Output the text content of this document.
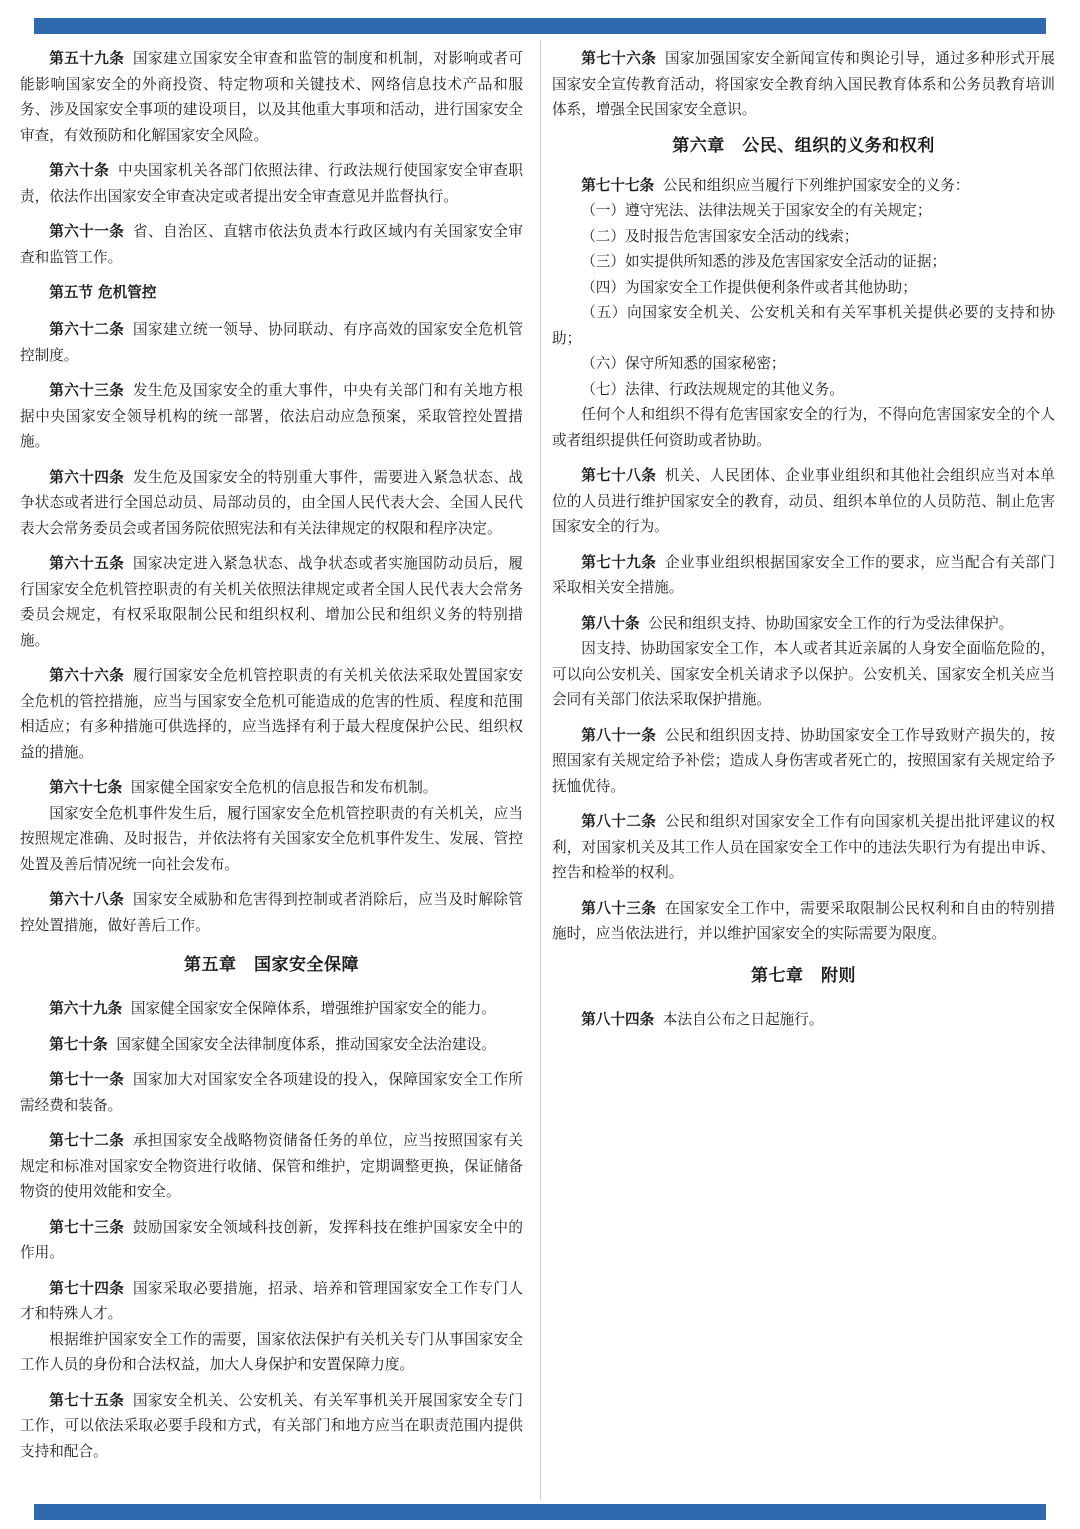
第五十九条 国家建立国家安全审查和监管的制度和机制，对影响或者可能影响国家安全的外商投资、特定物项和关键技术、网络信息技术产品和服务、涉及国家安全事项的建设项目，以及其他重大事项和活动，进行国家安全审查，有效预防和化解国家安全风险。

第六十条 中央国家机关各部门依照法律、行政法规行使国家安全审查职责，依法作出国家安全审查决定或者提出安全审查意见并监督执行。

第六十一条 省、自治区、直辖市依法负责本行政区域内有关国家安全审查和监管工作。

第五节 危机管控

第六十二条 国家建立统一领导、协同联动、有序高效的国家安全危机管控制度。

第六十三条 发生危及国家安全的重大事件，中央有关部门和有关地方根据中央国家安全领导机构的统一部署，依法启动应急预案，采取管控处置措施。

第六十四条 发生危及国家安全的特别重大事件，需要进入紧急状态、战争状态或者进行全国总动员、局部动员的，由全国人民代表大会、全国人民代表大会常务委员会或者国务院依照宪法和有关法律规定的权限和程序决定。

第六十五条 国家决定进入紧急状态、战争状态或者实施国防动员后，履行国家安全危机管控职责的有关机关依照法律规定或者全国人民代表大会常务委员会规定，有权采取限制公民和组织权利、增加公民和组织义务的特别措施。

第六十六条 履行国家安全危机管控职责的有关机关依法采取处置国家安全危机的管控措施，应当与国家安全危机可能造成的危害的性质、程度和范围相适应；有多种措施可供选择的，应当选择有利于最大程度保护公民、组织权益的措施。

第六十七条 国家健全国家安全危机的信息报告和发布机制。

国家安全危机事件发生后，履行国家安全危机管控职责的有关机关，应当按照规定准确、及时报告，并依法将有关国家安全危机事件发生、发展、管控处置及善后情况统一向社会发布。

第六十八条 国家安全威胁和危害得到控制或者消除后，应当及时解除管控处置措施，做好善后工作。

第五章　国家安全保障

第六十九条 国家健全国家安全保障体系，增强维护国家安全的能力。

第七十条 国家健全国家安全法律制度体系，推动国家安全法治建设。

第七十一条 国家加大对国家安全各项建设的投入，保障国家安全工作所需经费和装备。

第七十二条 承担国家安全战略物资储备任务的单位，应当按照国家有关规定和标准对国家安全物资进行收储、保管和维护，定期调整更换，保证储备物资的使用效能和安全。

第七十三条 鼓励国家安全领域科技创新，发挥科技在维护国家安全中的作用。

第七十四条 国家采取必要措施，招录、培养和管理国家安全工作专门人才和特殊人才。

根据维护国家安全工作的需要，国家依法保护有关机关专门从事国家安全工作人员的身份和合法权益，加大人身保护和安置保障力度。

第七十五条 国家安全机关、公安机关、有关军事机关开展国家安全专门工作，可以依法采取必要手段和方式，有关部门和地方应当在职责范围内提供支持和配合。

第七十六条 国家加强国家安全新闻宣传和舆论引导，通过多种形式开展国家安全宣传教育活动，将国家安全教育纳入国民教育体系和公务员教育培训体系，增强全民国家安全意识。

第六章　公民、组织的义务和权利

第七十七条 公民和组织应当履行下列维护国家安全的义务：

（一）遵守宪法、法律法规关于国家安全的有关规定；

（二）及时报告危害国家安全活动的线索；

（三）如实提供所知悉的涉及危害国家安全活动的证据；

（四）为国家安全工作提供便利条件或者其他协助；

（五）向国家安全机关、公安机关和有关军事机关提供必要的支持和协助；

（六）保守所知悉的国家秘密；

（七）法律、行政法规规定的其他义务。

任何个人和组织不得有危害国家安全的行为，不得向危害国家安全的个人或者组织提供任何资助或者协助。

第七十八条 机关、人民团体、企业事业组织和其他社会组织应当对本单位的人员进行维护国家安全的教育，动员、组织本单位的人员防范、制止危害国家安全的行为。

第七十九条 企业事业组织根据国家安全工作的要求，应当配合有关部门采取相关安全措施。

第八十条 公民和组织支持、协助国家安全工作的行为受法律保护。

因支持、协助国家安全工作，本人或者其近亲属的人身安全面临危险的，可以向公安机关、国家安全机关请求予以保护。公安机关、国家安全机关应当会同有关部门依法采取保护措施。

第八十一条 公民和组织因支持、协助国家安全工作导致财产损失的，按照国家有关规定给予补偿；造成人身伤害或者死亡的，按照国家有关规定给予抚恤优待。

第八十二条 公民和组织对国家安全工作有向国家机关提出批评建议的权利，对国家机关及其工作人员在国家安全工作中的违法失职行为有提出申诉、控告和检举的权利。

第八十三条 在国家安全工作中，需要采取限制公民权利和自由的特别措施时，应当依法进行，并以维护国家安全的实际需要为限度。

第七章　附则

第八十四条 本法自公布之日起施行。
